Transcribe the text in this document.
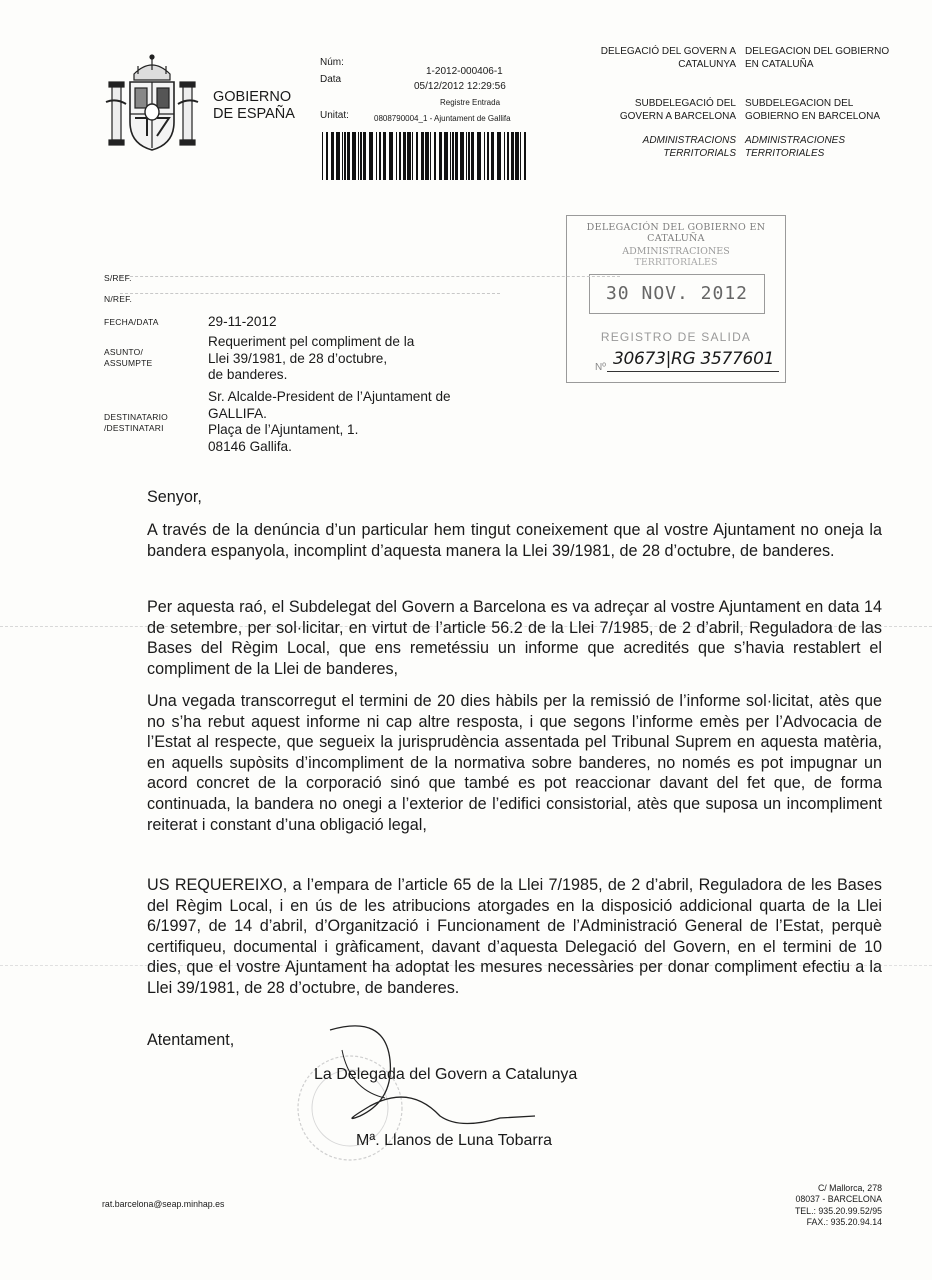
GOBIERNO
DE ESPAÑA
Núm:
Data
Unitat:
1-2012-000406-1
05/12/2012 12:29:56
Registre Entrada
0808790004_1 - Ajuntament de Gallifa
DELEGACIÓ DEL GOVERN A
CATALUNYA
DELEGACION DEL GOBIERNO
EN CATALUÑA
SUBDELEGACIÓ DEL
GOVERN A BARCELONA
SUBDELEGACION DEL
GOBIERNO EN BARCELONA
ADMINISTRACIONS
TERRITORIALS
ADMINISTRACIONES
TERRITORIALES
DELEGACIÓN DEL GOBIERNO EN CATALUÑA
ADMINISTRACIONES
TERRITORIALES
30 NOV. 2012
REGISTRO DE SALIDA
Nº 30673|RG 3577601
S/REF.
N/REF.
FECHA/DATA	29-11-2012
ASUNTO/
ASSUMPTE
Requeriment pel compliment de la
Llei 39/1981, de 28 d’octubre,
de banderes.
DESTINATARIO
/DESTINATARI
Sr. Alcalde-President de l’Ajuntament de
GALLIFA.
Plaça de l’Ajuntament, 1.
08146 Gallifa.
Senyor,

A través de la denúncia d’un particular hem tingut coneixement que al vostre Ajuntament no oneja la bandera espanyola, incomplint d’aquesta manera la Llei 39/1981, de 28 d’octubre, de banderes.

Per aquesta raó, el Subdelegat del Govern a Barcelona es va adreçar al vostre Ajuntament en data 14 de setembre, per sol·licitar, en virtut de l’article 56.2 de la Llei 7/1985, de 2 d’abril, Reguladora de las Bases del Règim Local, que ens remetéssiu un informe que acredités que s’havia restablert el compliment de la Llei de banderes,

Una vegada transcorregut el termini de 20 dies hàbils per la remissió de l’informe sol·licitat, atès que no s’ha rebut aquest informe ni cap altre resposta, i que segons l’informe emès per l’Advocacia de l’Estat al respecte, que segueix la jurisprudència assentada pel Tribunal Suprem en aquesta matèria, en aquells supòsits d’incompliment de la normativa sobre banderes, no només es pot impugnar un acord concret de la corporació sinó que també es pot reaccionar davant del fet que, de forma continuada, la bandera no onegi a l’exterior de l’edifici consistorial, atès que suposa un incompliment reiterat i constant d’una obligació legal,

US REQUEREIXO, a l’empara de l’article 65 de la Llei 7/1985, de 2 d’abril, Reguladora de les Bases del Règim Local, i en ús de les atribucions atorgades en la disposició addicional quarta de la Llei 6/1997, de 14 d’abril, d’Organització i Funcionament de l’Administració General de l’Estat, perquè certifiqueu, documental i gràficament, davant d’aquesta Delegació del Govern, en el termini de 10 dies, que el vostre Ajuntament ha adoptat les mesures necessàries per donar compliment efectiu a la Llei 39/1981, de 28 d’octubre, de banderes.

Atentament,
La Delegada del Govern a Catalunya
Mª. Llanos de Luna Tobarra
rat.barcelona@seap.minhap.es
C/ Mallorca, 278
08037 - BARCELONA
TEL.: 935.20.99.52/95
FAX.: 935.20.94.14
